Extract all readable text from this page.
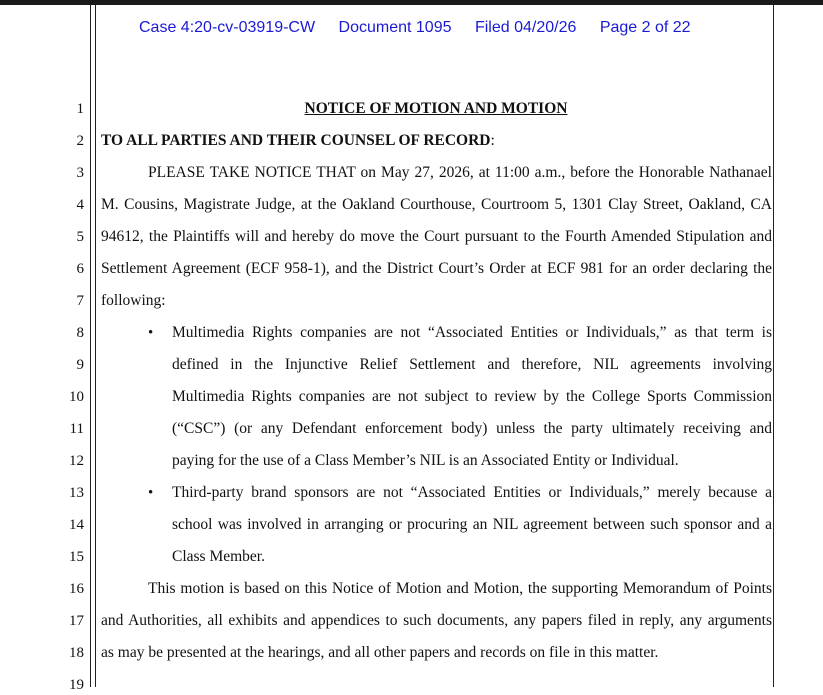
Case 4:20-cv-03919-CW Document 1095 Filed 04/20/26 Page 2 of 22
1
2
3
4
5
6
7
8
9
10
11
12
13
14
15
16
17
18
19
NOTICE OF MOTION AND MOTION
TO ALL PARTIES AND THEIR COUNSEL OF RECORD:
PLEASE TAKE NOTICE THAT on May 27, 2026, at 11:00 a.m., before the Honorable Nathanael
M. Cousins, Magistrate Judge, at the Oakland Courthouse, Courtroom 5, 1301 Clay Street, Oakland, CA
94612, the Plaintiffs will and hereby do move the Court pursuant to the Fourth Amended Stipulation and
Settlement Agreement (ECF 958-1), and the District Court’s Order at ECF 981 for an order declaring the
following:
• Multimedia Rights companies are not “Associated Entities or Individuals,” as that term is
defined in the Injunctive Relief Settlement and therefore, NIL agreements involving
Multimedia Rights companies are not subject to review by the College Sports Commission
(“CSC”) (or any Defendant enforcement body) unless the party ultimately receiving and
paying for the use of a Class Member’s NIL is an Associated Entity or Individual.
• Third-party brand sponsors are not “Associated Entities or Individuals,” merely because a
school was involved in arranging or procuring an NIL agreement between such sponsor and a
Class Member.
This motion is based on this Notice of Motion and Motion, the supporting Memorandum of Points
and Authorities, all exhibits and appendices to such documents, any papers filed in reply, any arguments
as may be presented at the hearings, and all other papers and records on file in this matter.
